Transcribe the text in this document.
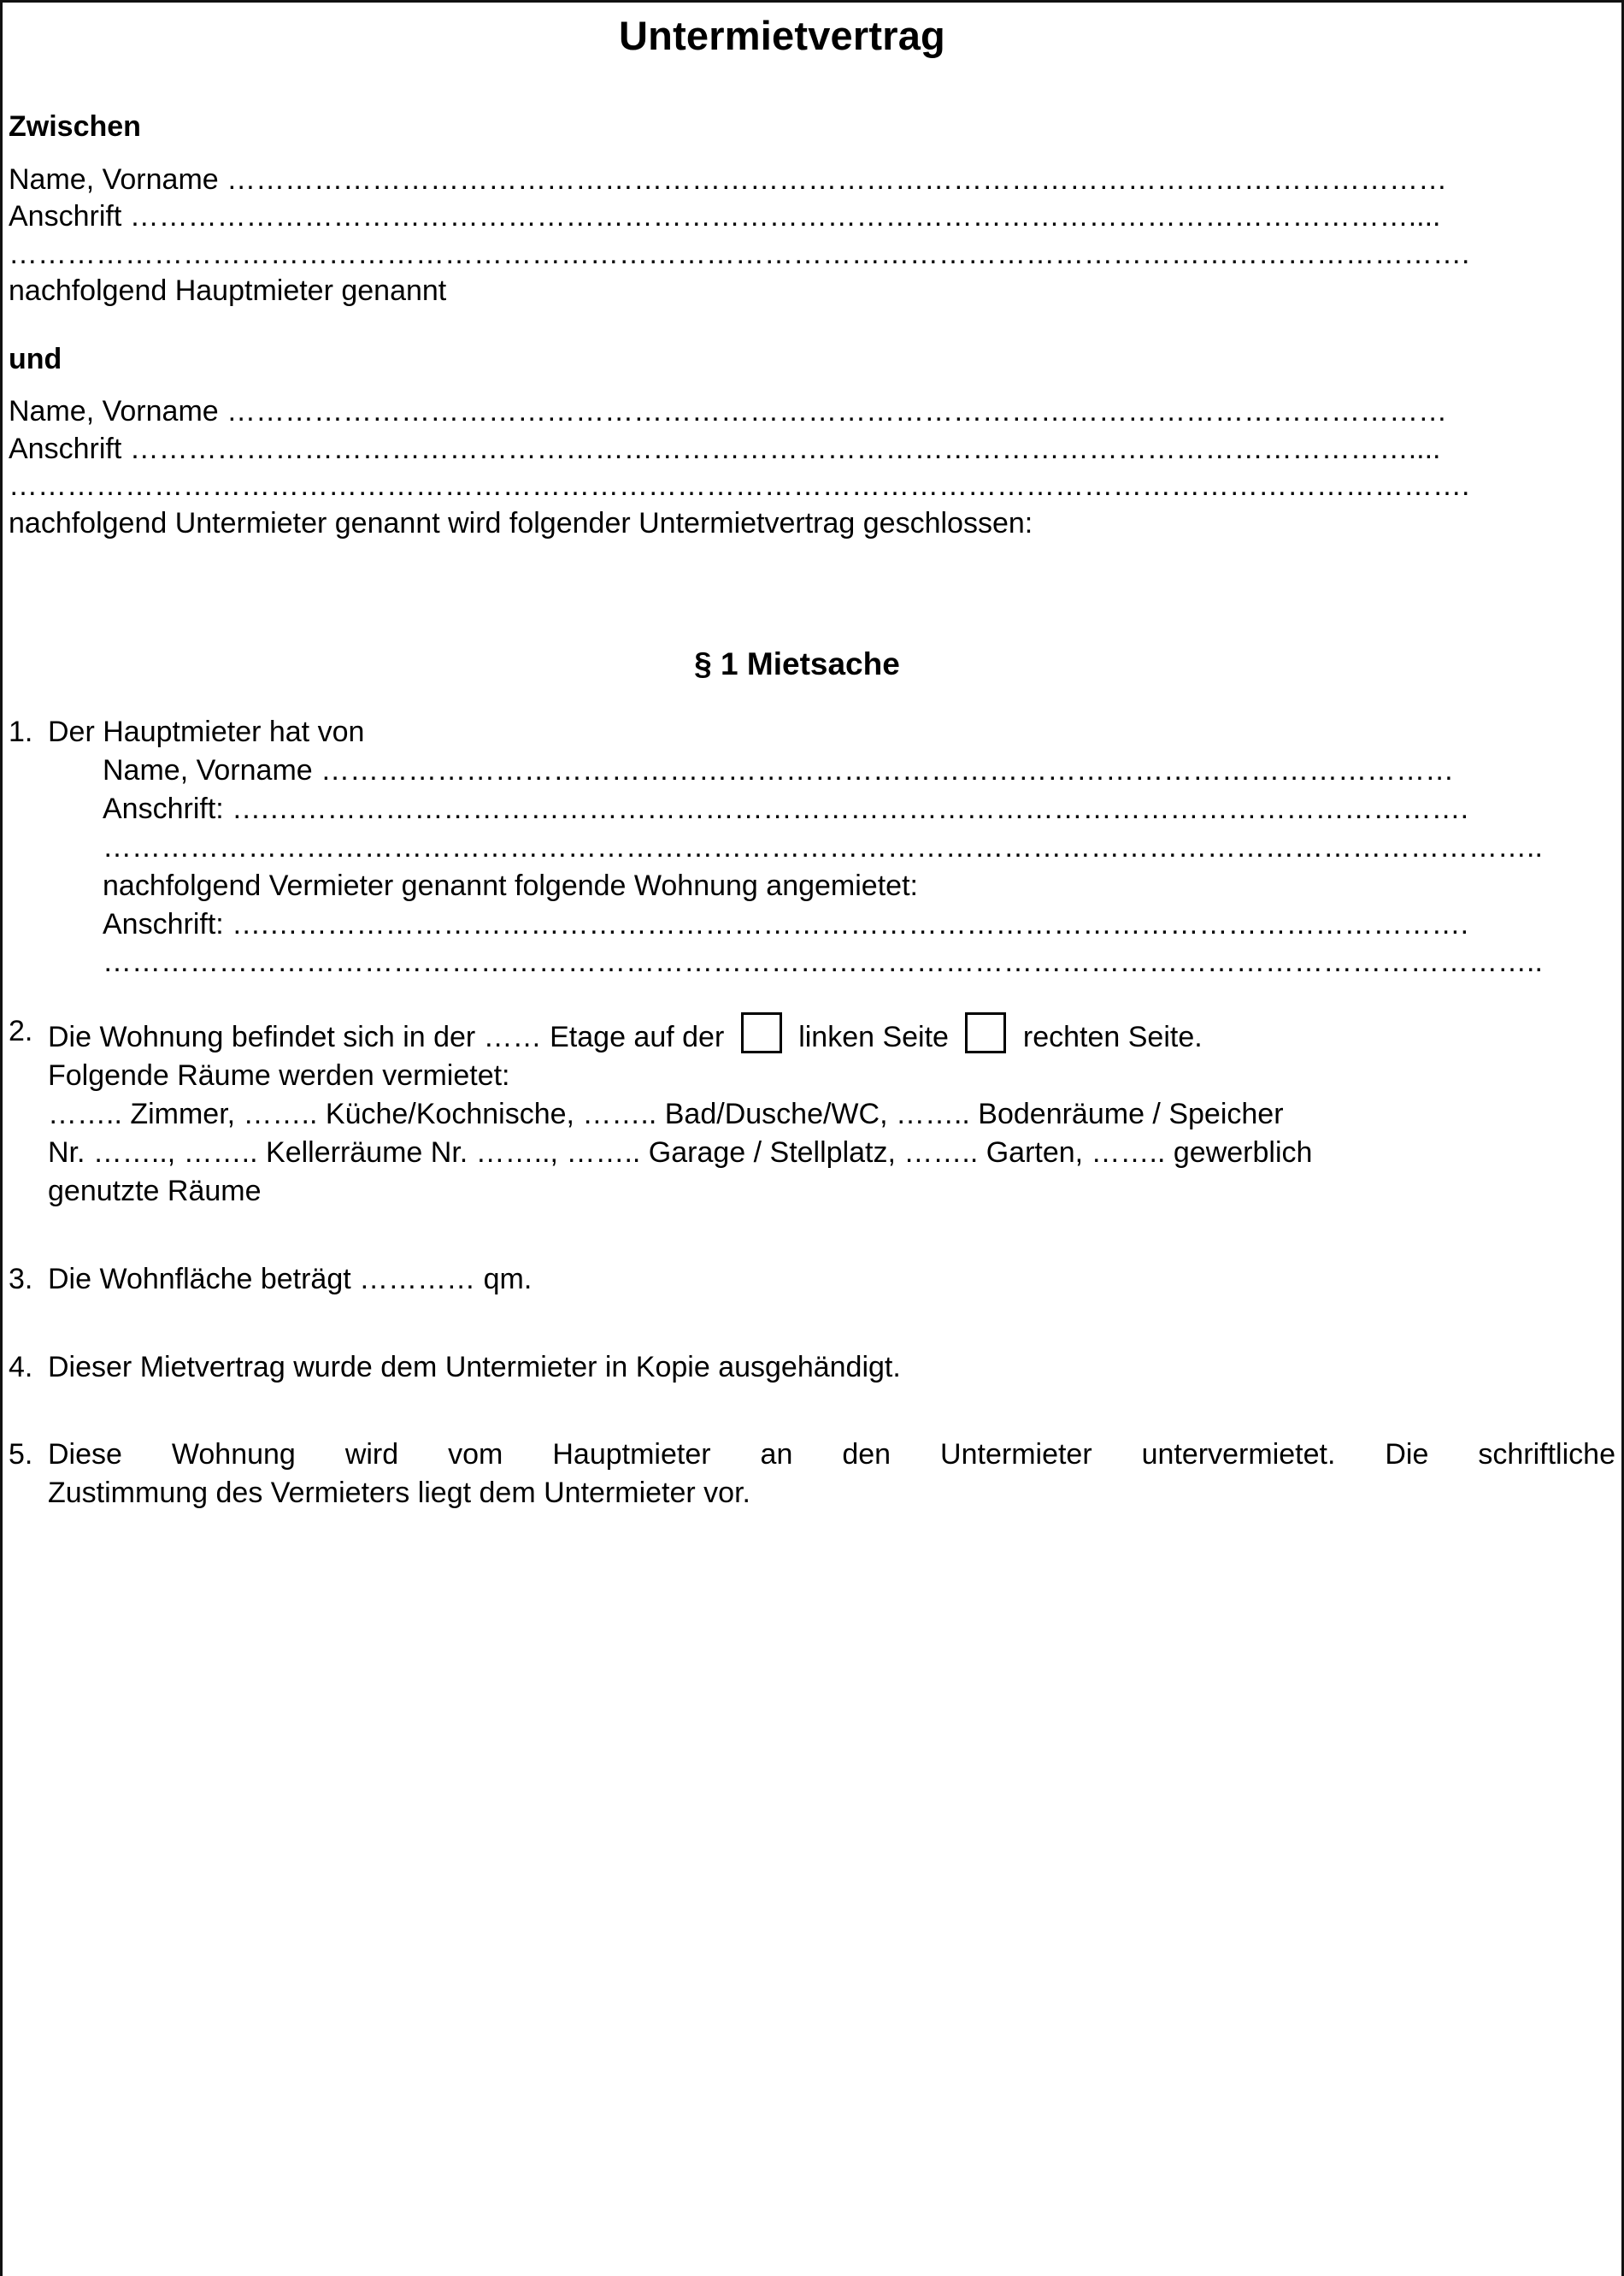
Untermietvertrag
Zwischen
Name, Vorname ………………………………………………………………………………………………………………
Anschrift ……………………………………………………………………………………………………………………....
…………………………………………………………………………………………………………………………………….
nachfolgend Hauptmieter genannt
und
Name, Vorname ………………………………………………………………………………………………………………
Anschrift ……………………………………………………………………………………………………………………....
…………………………………………………………………………………………………………………………………….
nachfolgend Untermieter genannt wird folgender Untermietvertrag geschlossen:
§ 1 Mietsache
1. Der Hauptmieter hat von
Name, Vorname ………………………………………………………………………………………………………
Anschrift: ….…………………………………………………………………………………………………………….
…………………………………………………………………………………………………………………………………..
nachfolgend Vermieter genannt folgende Wohnung angemietet:
Anschrift: ….…………………………………………………………………………………………………………….
…………………………………………………………………………………………………………………………………..
2. Die Wohnung befindet sich in der …… Etage auf der	linken Seite	rechten Seite.
Folgende Räume werden vermietet:
…….. Zimmer, …….. Küche/Kochnische, …….. Bad/Dusche/WC, …….. Bodenräume / Speicher
Nr. …….., …….. Kellerräume Nr. …….., …….. Garage / Stellplatz, …….. Garten, …….. gewerblich
genutzte Räume
3. Die Wohnfläche beträgt ………… qm.
4. Dieser Mietvertrag wurde dem Untermieter in Kopie ausgehändigt.
5. Diese Wohnung wird vom Hauptmieter an den Untermieter untervermietet. Die schriftliche
Zustimmung des Vermieters liegt dem Untermieter vor.
